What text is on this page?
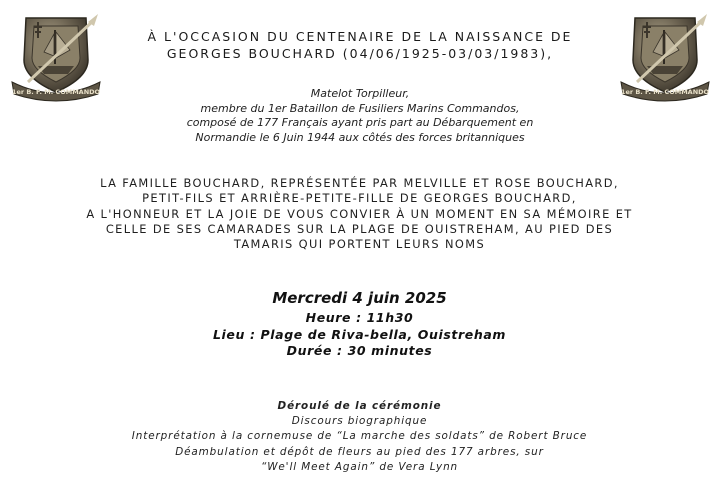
1er B. F. M. COMMANDO	1er B. F. M. COMMANDO
À L'OCCASION DU CENTENAIRE DE LA NAISSANCE DE
GEORGES BOUCHARD (04/06/1925-03/03/1983),
Matelot Torpilleur,
membre du 1er Bataillon de Fusiliers Marins Commandos,
composé de 177 Français ayant pris part au Débarquement en
Normandie le 6 Juin 1944 aux côtés des forces britanniques
LA FAMILLE BOUCHARD, REPRÉSENTÉE PAR MELVILLE ET ROSE BOUCHARD,
PETIT-FILS ET ARRIÈRE-PETITE-FILLE DE GEORGES BOUCHARD,
A L'HONNEUR ET LA JOIE DE VOUS CONVIER À UN MOMENT EN SA MÉMOIRE ET
CELLE DE SES CAMARADES SUR LA PLAGE DE OUISTREHAM, AU PIED DES
TAMARIS QUI PORTENT LEURS NOMS
Mercredi 4 juin 2025
Heure : 11h30
Lieu : Plage de Riva-bella, Ouistreham
Durée : 30 minutes
Déroulé de la cérémonie
Discours biographique
Interprétation à la cornemuse de “La marche des soldats” de Robert Bruce
Déambulation et dépôt de fleurs au pied des 177 arbres, sur
“We'll Meet Again” de Vera Lynn
